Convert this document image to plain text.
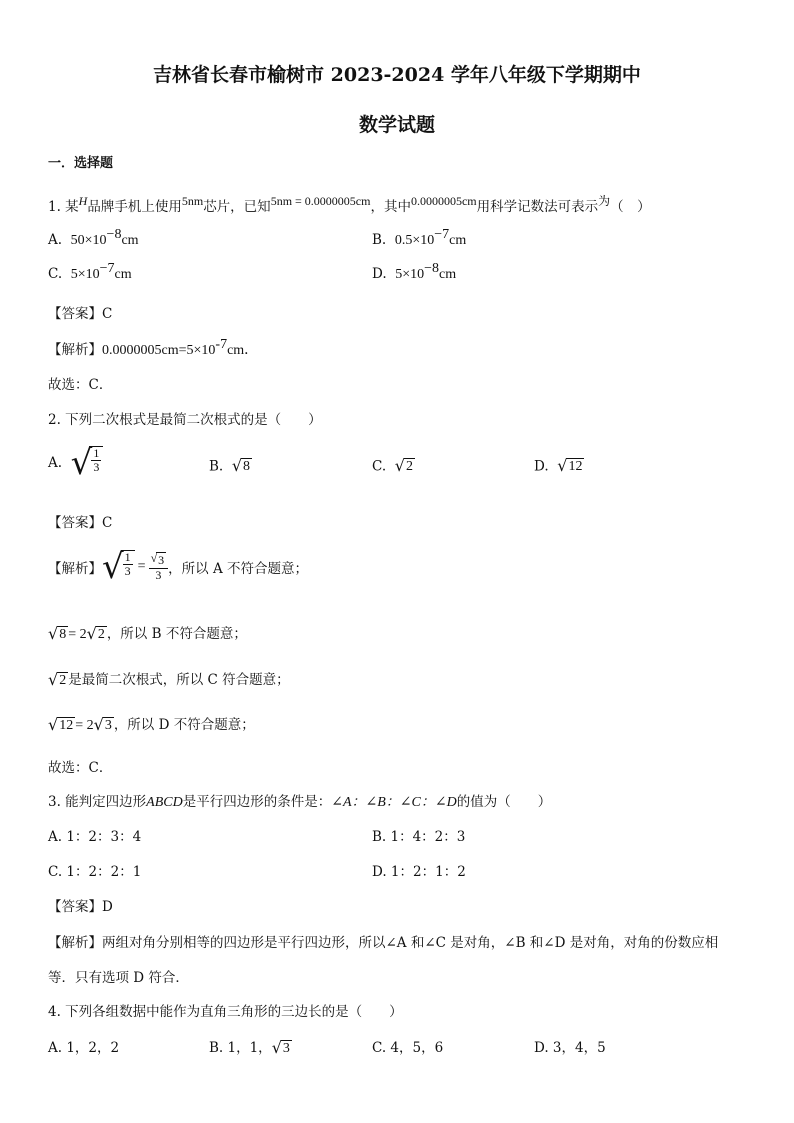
吉林省长春市榆树市 2023-2024 学年八年级下学期期中
数学试题
一．选择题
1. 某H品牌手机上使用5nm芯片，已知5nm = 0.0000005cm，其中0.0000005cm用科学记数法可表示为（　）
A. $50\times 10^{-8}cm$	B. $0.5\times 10^{-7}cm$
C. $5\times 10^{-7}cm$	D. $5\times 10^{-8}cm$
【答案】C
【解析】$0.0000005cm=5\times 10^{-7}cm$．
故选：C．
2. 下列二次根式是最简二次根式的是（　　）
A.
√ $\frac{1}{3}$	B. √ 8	C. √ 2	D. √ 12
【答案】C
【解析】 √ $\frac{1}{3} = \frac{√ 3}{3}$ ，所以 A 不符合题意；
√ 8 = 2 √ 2 ，所以 B 不符合题意；
√ 2 是最简二次根式，所以 C 符合题意；
√ 12 = 2 √ 3 ，所以 D 不符合题意；
故选：C．
3. 能判定四边形ABCD是平行四边形的条件是：∠A：∠B：∠C：∠D的值为（　　）
A. 1：2：3：4	B. 1：4：2：3
C. 1：2：2：1	D. 1：2：1：2
【答案】D
【解析】两组对角分别相等的四边形是平行四边形，所以∠A 和∠C 是对角，∠B 和∠D 是对角，对角的份数应相
等．只有选项 D 符合．
4. 下列各组数据中能作为直角三角形的三边长的是（　　）
A. 1，2，2	B. 1，1， √ 3	C. 4，5，6	D. 3，4，5
